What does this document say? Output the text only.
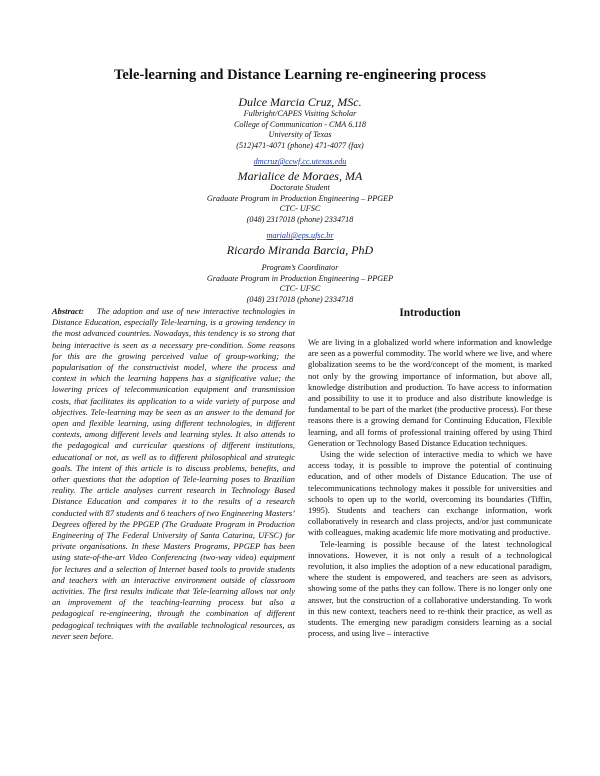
Tele-learning and Distance Learning re-engineering process
Dulce Marcia Cruz, MSc.
Fulbright/CAPES Visiting Scholar
College of Communication - CMA 6.118
University of Texas
(512)471-4071 (phone) 471-4077 (fax)
dmcruz@ccwf.cc.utexas.edu
Marialice de Moraes, MA
Doctorate Student
Graduate Program in Production Engineering – PPGEP
CTC- UFSC
(048) 2317018 (phone) 2334718
mariali@eps.ufsc.br
Ricardo Miranda Barcia, PhD
Program’s Coordinator
Graduate Program in Production Engineering – PPGEP
CTC- UFSC
(048) 2317018 (phone) 2334718
Abstract: The adoption and use of new interactive technologies in Distance Education, especially Tele-learning, is a growing tendency in the most advanced countries. Nowadays, this tendency is so strong that being interactive is seen as a necessary pre-condition. Some reasons for this are the growing perceived value of group-working; the popularisation of the constructivist model, where the process and context in which the learning happens has a significative value; the lowering prices of telecommunication equipment and transmission costs, that facilitates its application to a wide variety of purpose and objectives. Tele-learning may be seen as an answer to the demand for open and flexible learning, using different technologies, in different contexts, among different levels and learning styles. It also attends to the pedagogical and curricular questions of different institutions, educational or not, as well as to different philosophical and strategic goals. The intent of this article is to discuss problems, benefits, and other questions that the adoption of Tele-learning poses to Brazilian reality. The article analyses current research in Technology Based Distance Education and compares it to the results of a research conducted with 87 students and 6 teachers of two Engineering Masters’ Degrees offered by the PPGEP (The Graduate Program in Production Engineering of The Federal University of Santa Catarina, UFSC) for private organisations. In these Masters Programs, PPGEP has been using state-of-the-art Video Conferencing (two-way video) equipment for lectures and a selection of Internet based tools to provide students and teachers with an interactive environment outside of classroom activities. The first results indicate that Tele-learning allows not only an improvement of the teaching-learning process but also a pedagogical re-engineering, through the combination of different pedagogical techniques with the available technological resources, as never seen before.
Introduction

We are living in a globalized world where information and knowledge are seen as a powerful commodity. The world where we live, and where globalization seems to be the word/concept of the moment, is marked not only by the growing importance of information, but above all, knowledge distribution and production. To have access to information and possibility to use it to produce and also distribute knowledge is fundamental to be part of the market (the productive process). For these reasons there is a growing demand for Continuing Education, Flexible learning, and all forms of professional training offered by using Third Generation or Technology Based Distance Education techniques.

Using the wide selection of interactive media to which we have access today, it is possible to improve the potential of continuing education, and of other models of Distance Education. The use of telecommunications technology makes it possible for universities and schools to open up to the world, overcoming its boundaries (Tiffin, 1995). Students and teachers can exchange information, work collaboratively in research and class projects, and/or just communicate with colleagues, making academic life more motivating and productive.

Tele-learning is possible because of the latest technological innovations. However, it is not only a result of a technological revolution, it also implies the adoption of a new educational paradigm, where the student is empowered, and teachers are seen as advisors, showing some of the paths they can follow. There is no longer only one answer, but the construction of a collaborative understanding. To work in this new context, teachers need to re-think their practice, as well as students. The emerging new paradigm considers learning as a social process, and using live – interactive
